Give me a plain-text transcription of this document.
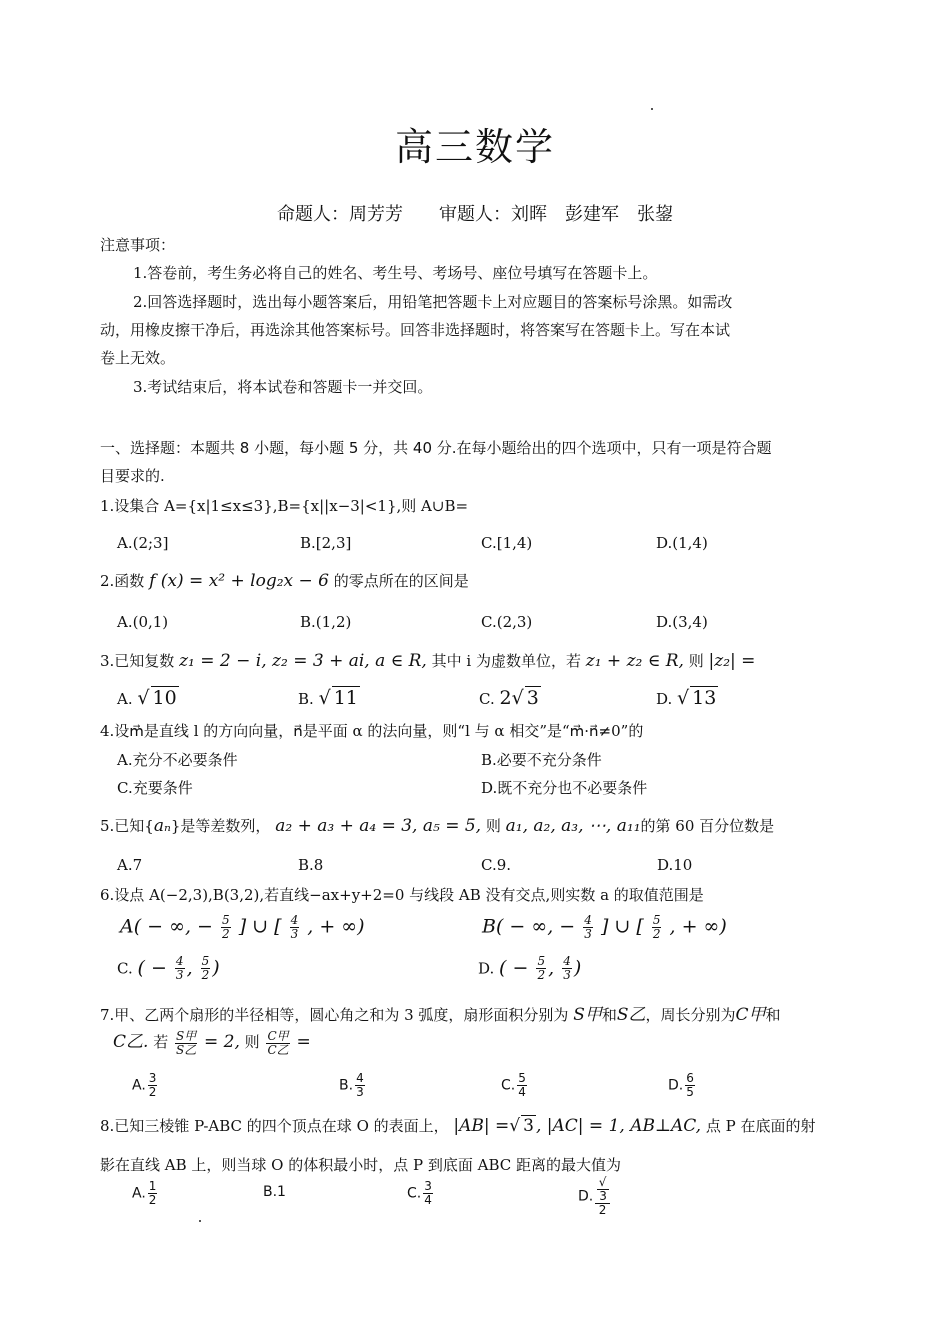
高三数学
命题人：周芳芳　　审题人：刘晖　彭建军　张鋆
注意事项：
1.答卷前，考生务必将自己的姓名、考生号、考场号、座位号填写在答题卡上。
2.回答选择题时，选出每小题答案后，用铅笔把答题卡上对应题目的答案标号涂黑。如需改
动，用橡皮擦干净后，再选涂其他答案标号。回答非选择题时，将答案写在答题卡上。写在本试
卷上无效。
3.考试结束后，将本试卷和答题卡一并交回。
一、选择题：本题共 8 小题，每小题 5 分，共 40 分.在每小题给出的四个选项中，只有一项是符合题
目要求的.
1.设集合 A={x|1≤x≤3},B={x||x−3|<1},则 A∪B=
A.(2;3]	B.[2,3]	C.[1,4)	D.(1,4)
2.函数 f (x) = x² + log₂x − 6 的零点所在的区间是
A.(0,1)	B.(1,2)	C.(2,3)	D.(3,4)
3.已知复数 z₁ = 2 − i, z₂ = 3 + ai, a ∈ R, 其中 i 为虚数单位，若 z₁ + z₂ ∈ R, 则 |z₂| =
A. √ 10	B. √ 11	C. 2√ 3	D. √ 13
4.设m⃗是直线 l 的方向向量，n⃗是平面 α 的法向量，则“l 与 α 相交”是“m⃗·n⃗≠0”的
A.充分不必要条件	B.必要不充分条件
C.充要条件	D.既不充分也不必要条件
5.已知{aₙ}是等差数列， a₂ + a₃ + a₄ = 3, a₅ = 5, 则 a₁, a₂, a₃, ⋯, a₁₁的第 60 百分位数是
A.7	B.8	C.9.	D.10
6.设点 A(−2,3),B(3,2),若直线−ax+y+2=0 与线段 AB 没有交点,则实数 a 的取值范围是
A( − ∞, − $\frac{5}{2}$ ] ∪ [ $\frac{4}{3}$ , + ∞)	B( − ∞, − $\frac{4}{3}$ ] ∪ [ $\frac{5}{2}$ , + ∞)
C. ( − $\frac{4}{3}$ , $\frac{5}{2}$ )	D. ( − $\frac{5}{2}$ , $\frac{4}{3}$ )
7.甲、乙两个扇形的半径相等，圆心角之和为 3 弧度，扇形面积分别为 S甲和S乙，周长分别为C甲和
C乙. 若 $\frac{\text{S甲}}{\text{S乙}} = 2$, 则 $\frac{\text{C甲}}{\text{C乙}}$ =
A. $\frac{3}{2}$	B. $\frac{4}{3}$	C. $\frac{5}{4}$	D. $\frac{6}{5}$
8.已知三棱锥 P-ABC 的四个顶点在球 O 的表面上， |AB| =√ 3 , |AC| = 1, AB⊥AC, 点 P 在底面的射
影在直线 AB 上，则当球 O 的体积最小时，点 P 到底面 ABC 距离的最大值为
A. $\frac{1}{2}$	B.1	C. $\frac{3}{4}$	D. √
3
2
